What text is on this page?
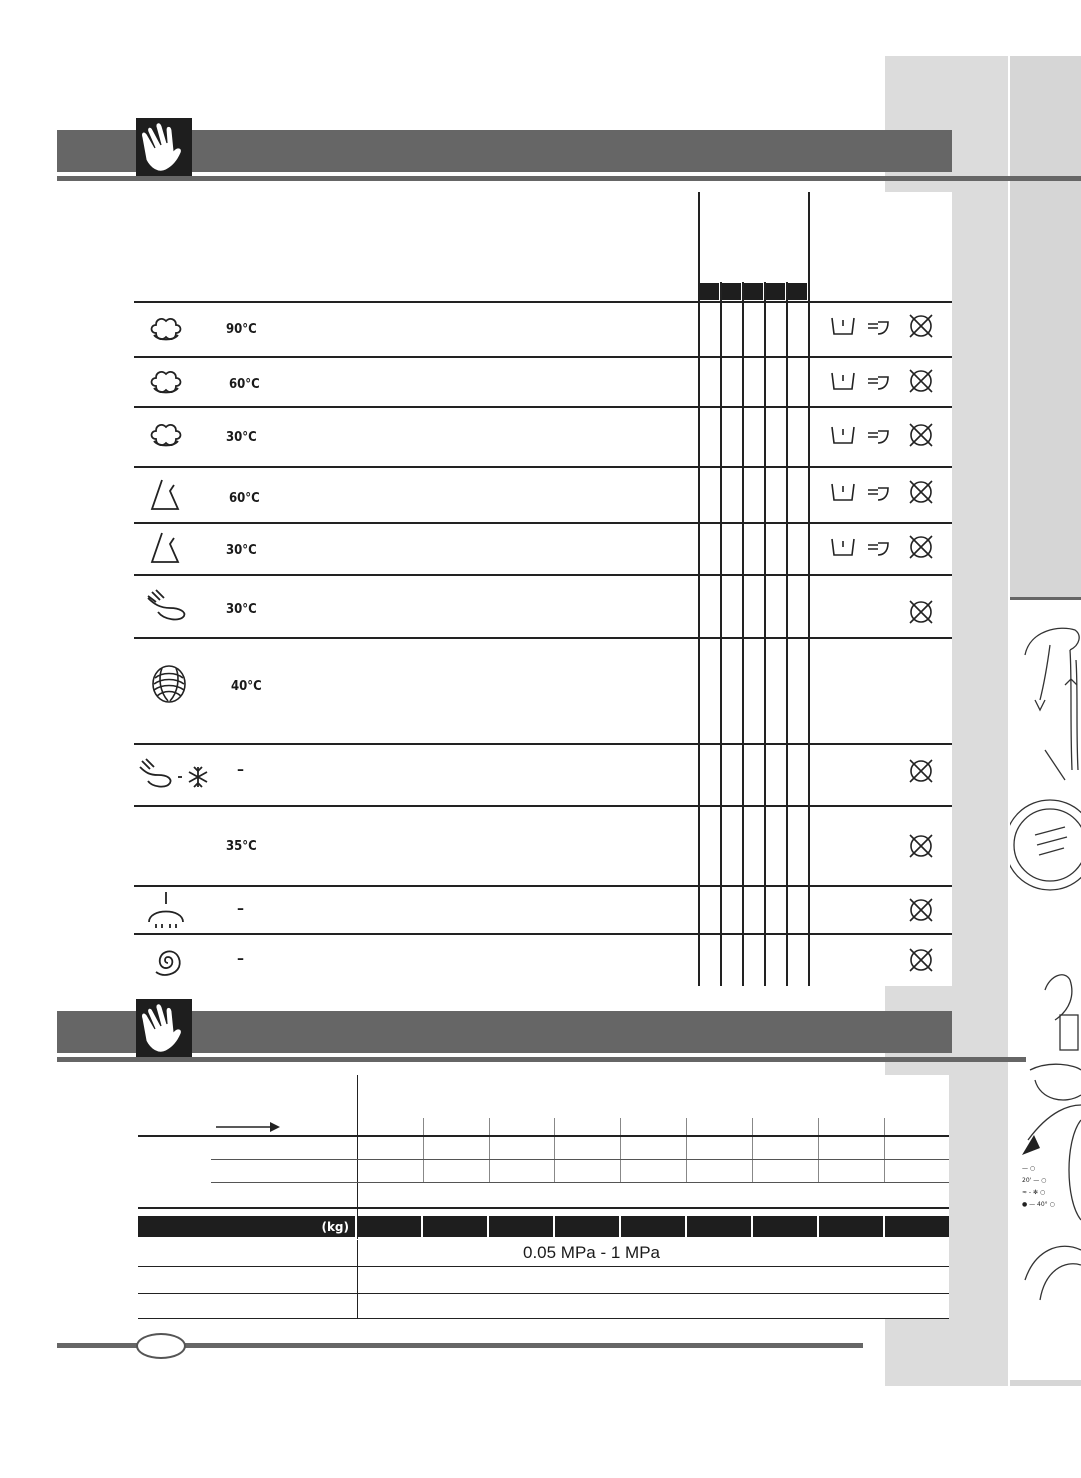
— ○
20' — ○
≈ - ✻ ○
● — 40° ○
90°C
60°C
30°C
60°C
30°C
30°C
40°C
–
35°C
–
–
(kg)
0.05 MPa - 1 MPa
